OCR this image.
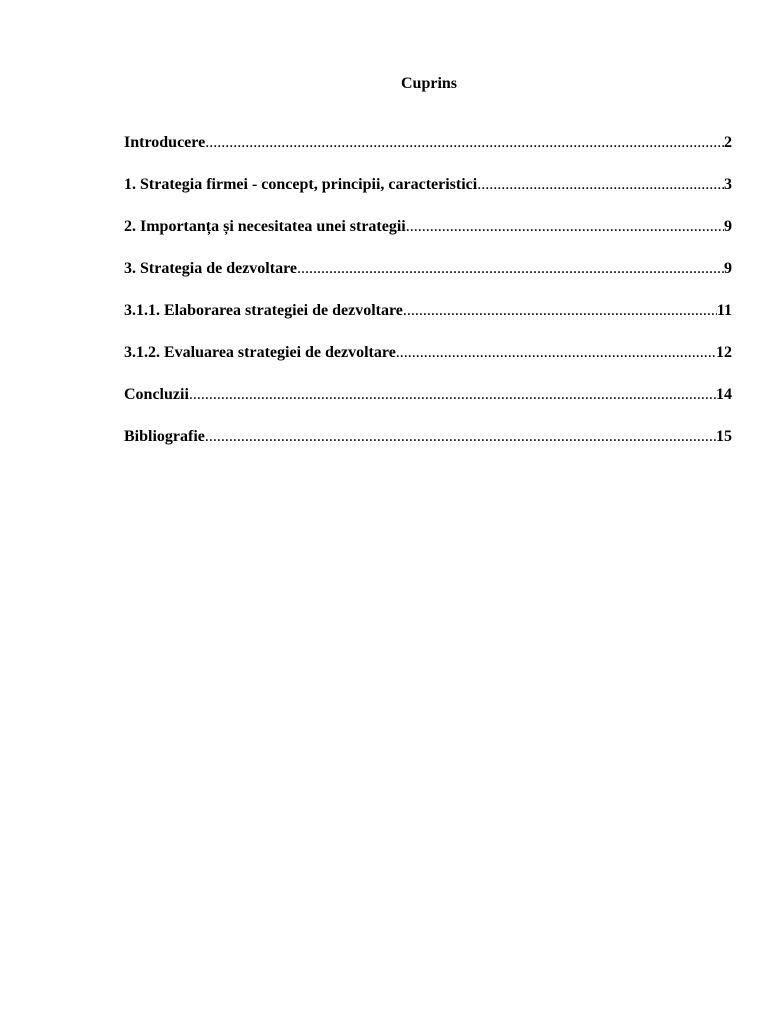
Cuprins
Introducere .....	2
1. Strategia firmei - concept, principii, caracteristici .....	3
2. Importanța și necesitatea unei strategii .....	9
3. Strategia de dezvoltare .....	9
3.1.1. Elaborarea strategiei de dezvoltare .....	11
3.1.2. Evaluarea strategiei de dezvoltare .....	12
Concluzii .....	14
Bibliografie .....	15
